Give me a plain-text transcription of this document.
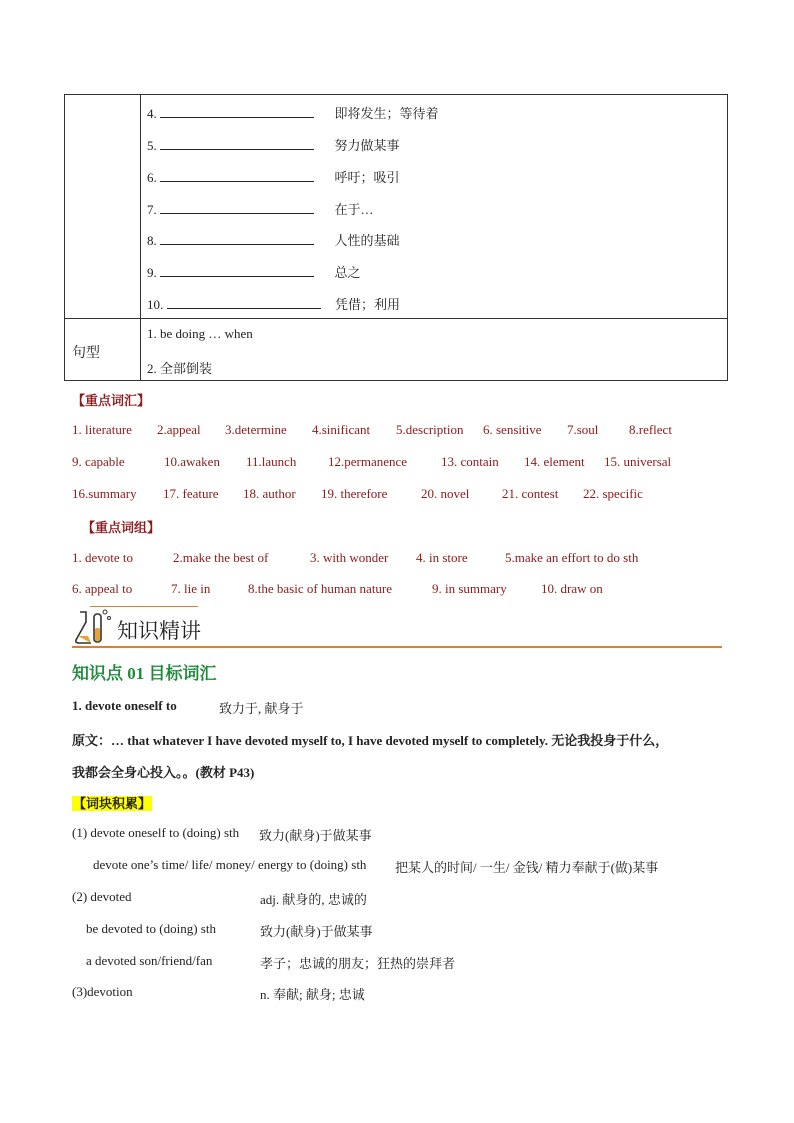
4.	即将发生；等待着
5.	努力做某事
6.	呼吁；吸引
7.	在于…
8.	人性的基础
9.	总之
10.	凭借；利用
句型
1. be doing … when
2. 全部倒装
【重点词汇】
1. literature 2.appeal 3.determine 4.sinificant 5.description 6. sensitive 7.soul 8.reflect
9. capable	10.awaken 11.launch 12.permanence	13. contain 14. element 15. universal
16.summary 17. feature 18. author 19. therefore	20. novel	21. contest 22. specific
【重点词组】
1. devote to	2.make the best of	3. with wonder 4. in store	5.make an effort to do sth
6. appeal to	7. lie in	8.the basic of human nature	9. in summary	10. draw on
知识精讲
知识点 01 目标词汇
1. devote oneself to	致力于, 献身于
原文：… that whatever I have devoted myself to, I have devoted myself to completely. 无论我投身于什么，
我都会全身心投入。。(教材 P43)
【词块积累】
(1) devote oneself to (doing) sth 致力(献身)于做某事
devote one’s time/ life/ money/ energy to (doing) sth 把某人的时间/ 一生/ 金钱/ 精力奉献于(做)某事
(2) devoted	adj. 献身的, 忠诚的
be devoted to (doing) sth	致力(献身)于做某事
a devoted son/friend/fan	孝子；忠诚的朋友；狂热的崇拜者
(3)devotion	n. 奉献; 献身; 忠诚
